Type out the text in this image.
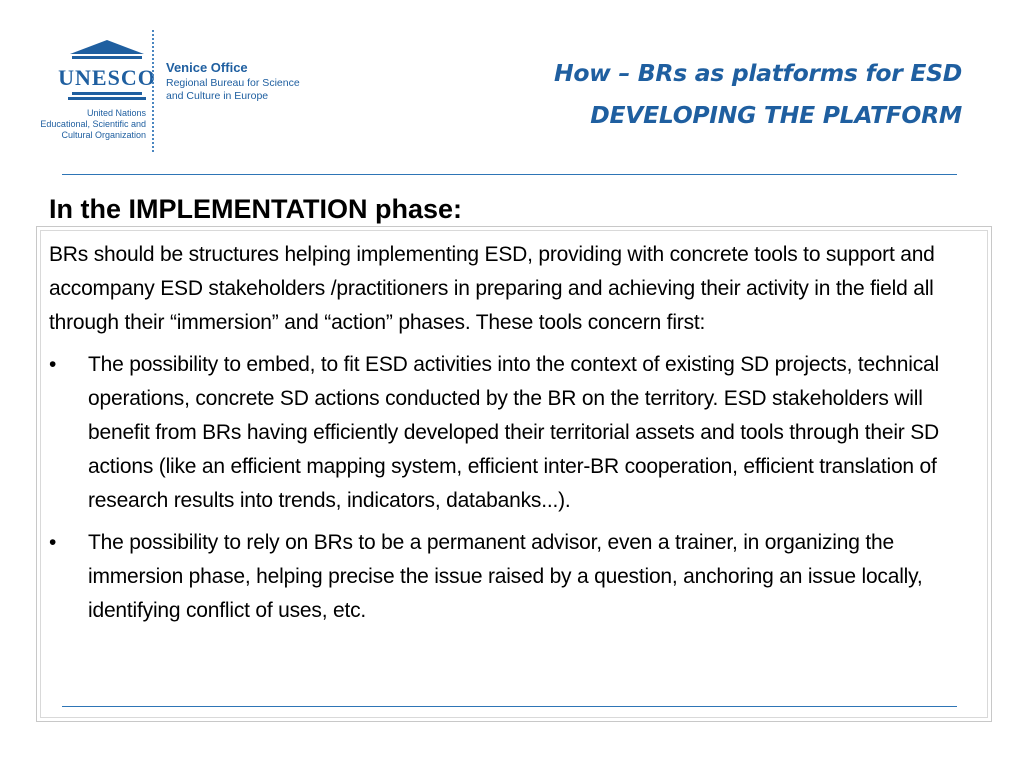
UNESCO
United Nations
Educational, Scientific and
Cultural Organization
Venice Office
Regional Bureau for Science
and Culture in Europe
How – BRs as platforms for ESD
DEVELOPING THE PLATFORM
In the IMPLEMENTATION phase:

BRs should be structures helping implementing ESD, providing with concrete tools to support and accompany ESD stakeholders /practitioners in preparing and achieving their activity in the field all through their “immersion” and “action” phases. These tools concern first:

• The possibility to embed, to fit ESD activities into the context of existing SD projects, technical operations, concrete SD actions conducted by the BR on the territory. ESD stakeholders will benefit from BRs having efficiently developed their territorial assets and tools through their SD actions (like an efficient mapping system, efficient inter-BR cooperation, efficient translation of research results into trends, indicators, databanks...).
• The possibility to rely on BRs to be a permanent advisor, even a trainer, in organizing the immersion phase, helping precise the issue raised by a question, anchoring an issue locally, identifying conflict of uses, etc.
